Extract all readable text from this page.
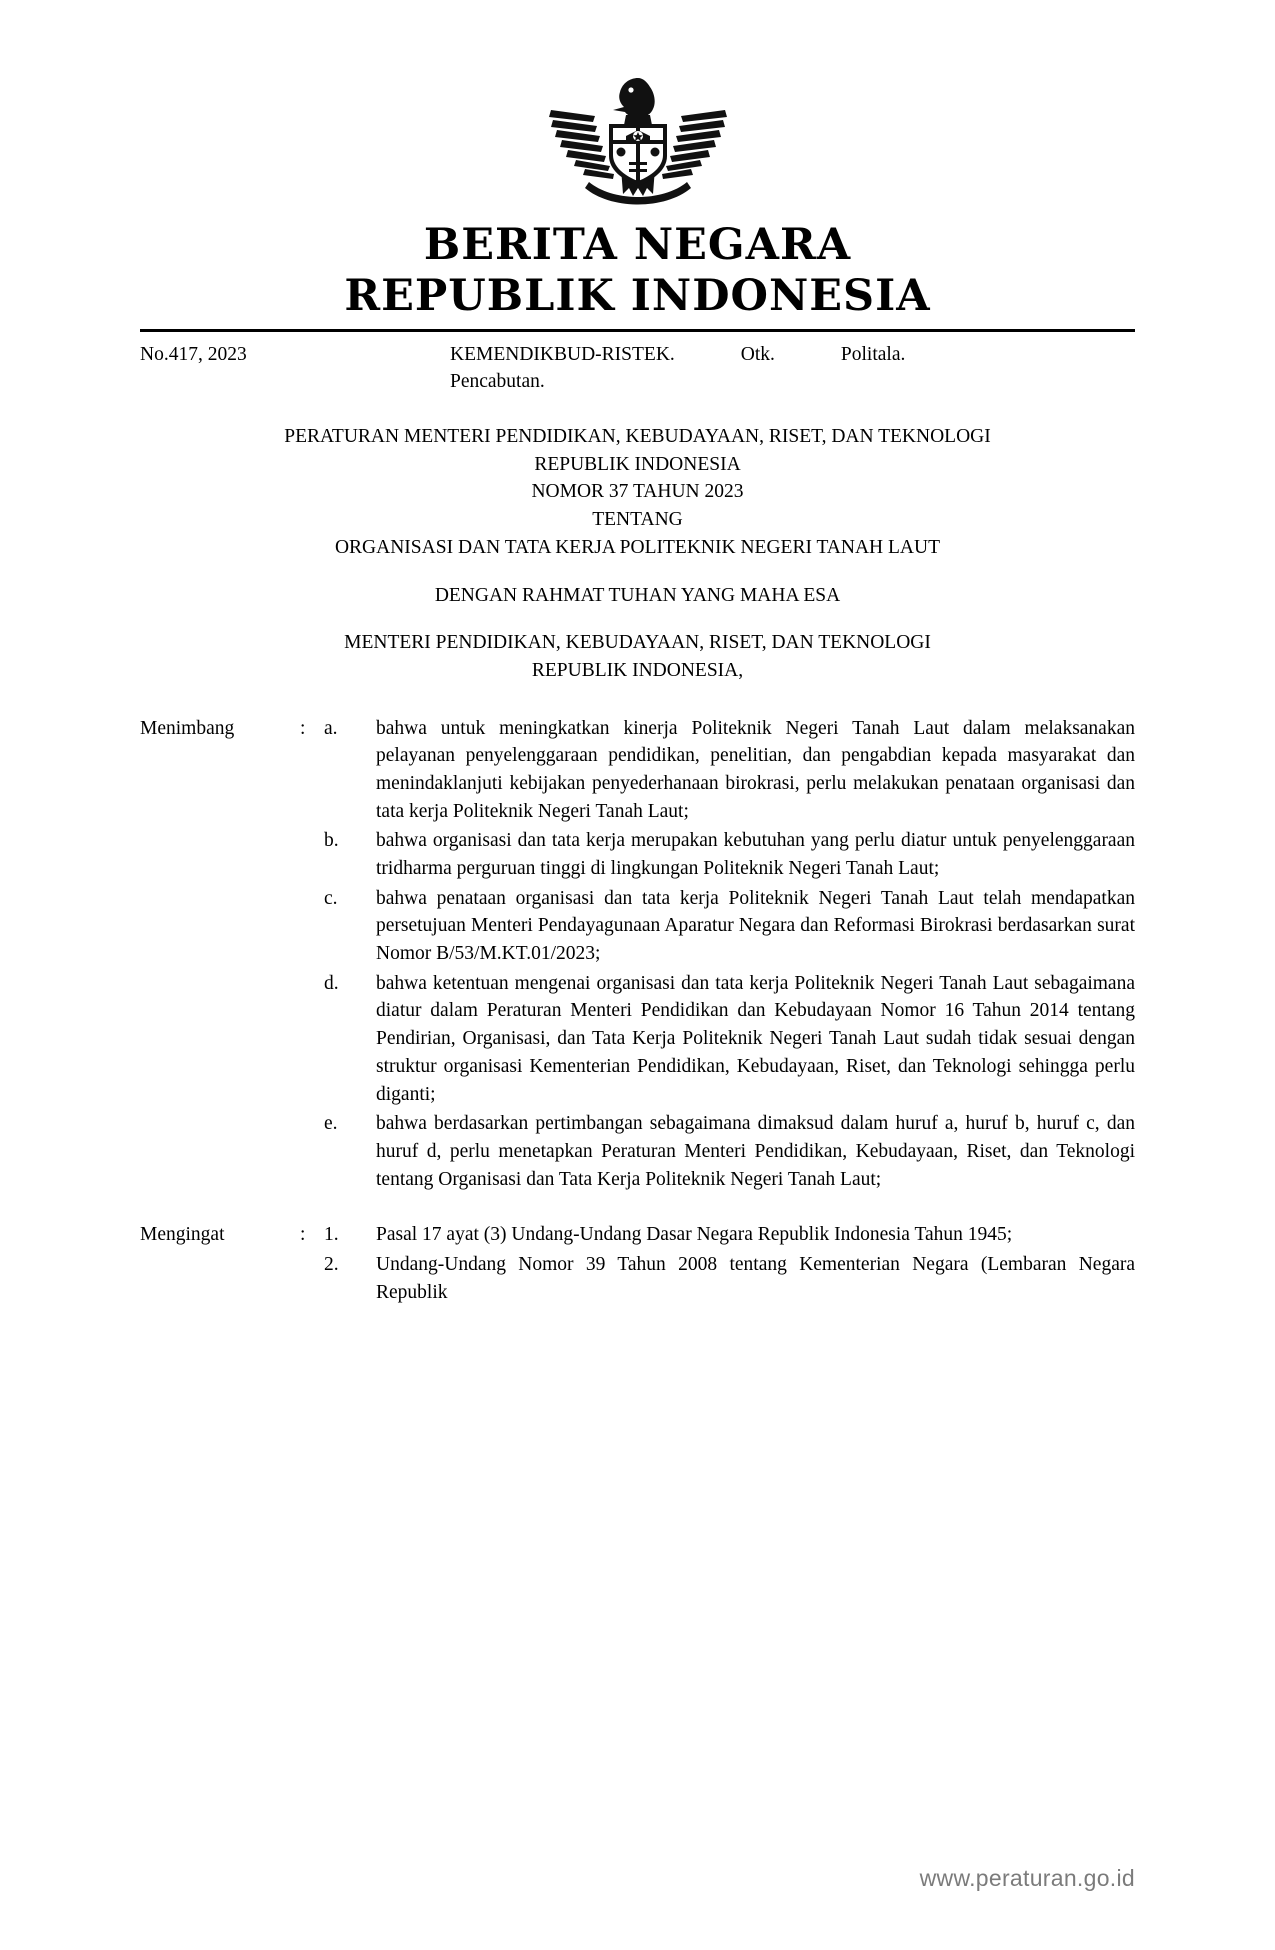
BERITA NEGARA
REPUBLIK INDONESIA
No.417, 2023	KEMENDIKBUD-RISTEK.	Otk.	Politala.
Pencabutan.
PERATURAN MENTERI PENDIDIKAN, KEBUDAYAAN, RISET, DAN TEKNOLOGI
REPUBLIK INDONESIA
NOMOR 37 TAHUN 2023
TENTANG
ORGANISASI DAN TATA KERJA POLITEKNIK NEGERI TANAH LAUT
DENGAN RAHMAT TUHAN YANG MAHA ESA
MENTERI PENDIDIKAN, KEBUDAYAAN, RISET, DAN TEKNOLOGI
REPUBLIK INDONESIA,
Menimbang	: a.	bahwa untuk meningkatkan kinerja Politeknik Negeri Tanah Laut dalam melaksanakan pelayanan penyelenggaraan pendidikan, penelitian, dan pengabdian kepada masyarakat dan menindaklanjuti kebijakan penyederhanaan birokrasi, perlu melakukan penataan organisasi dan tata kerja Politeknik Negeri Tanah Laut;
b.	bahwa organisasi dan tata kerja merupakan kebutuhan yang perlu diatur untuk penyelenggaraan tridharma perguruan tinggi di lingkungan Politeknik Negeri Tanah Laut;
c.	bahwa penataan organisasi dan tata kerja Politeknik Negeri Tanah Laut telah mendapatkan persetujuan Menteri Pendayagunaan Aparatur Negara dan Reformasi Birokrasi berdasarkan surat Nomor B/53/M.KT.01/2023;
d.	bahwa ketentuan mengenai organisasi dan tata kerja Politeknik Negeri Tanah Laut sebagaimana diatur dalam Peraturan Menteri Pendidikan dan Kebudayaan Nomor 16 Tahun 2014 tentang Pendirian, Organisasi, dan Tata Kerja Politeknik Negeri Tanah Laut sudah tidak sesuai dengan struktur organisasi Kementerian Pendidikan, Kebudayaan, Riset, dan Teknologi sehingga perlu diganti;
e.	bahwa berdasarkan pertimbangan sebagaimana dimaksud dalam huruf a, huruf b, huruf c, dan huruf d, perlu menetapkan Peraturan Menteri Pendidikan, Kebudayaan, Riset, dan Teknologi tentang Organisasi dan Tata Kerja Politeknik Negeri Tanah Laut;
Mengingat	: 1.	Pasal 17 ayat (3) Undang-Undang Dasar Negara Republik Indonesia Tahun 1945;
2.	Undang-Undang Nomor 39 Tahun 2008 tentang Kementerian Negara (Lembaran Negara Republik
www.peraturan.go.id
